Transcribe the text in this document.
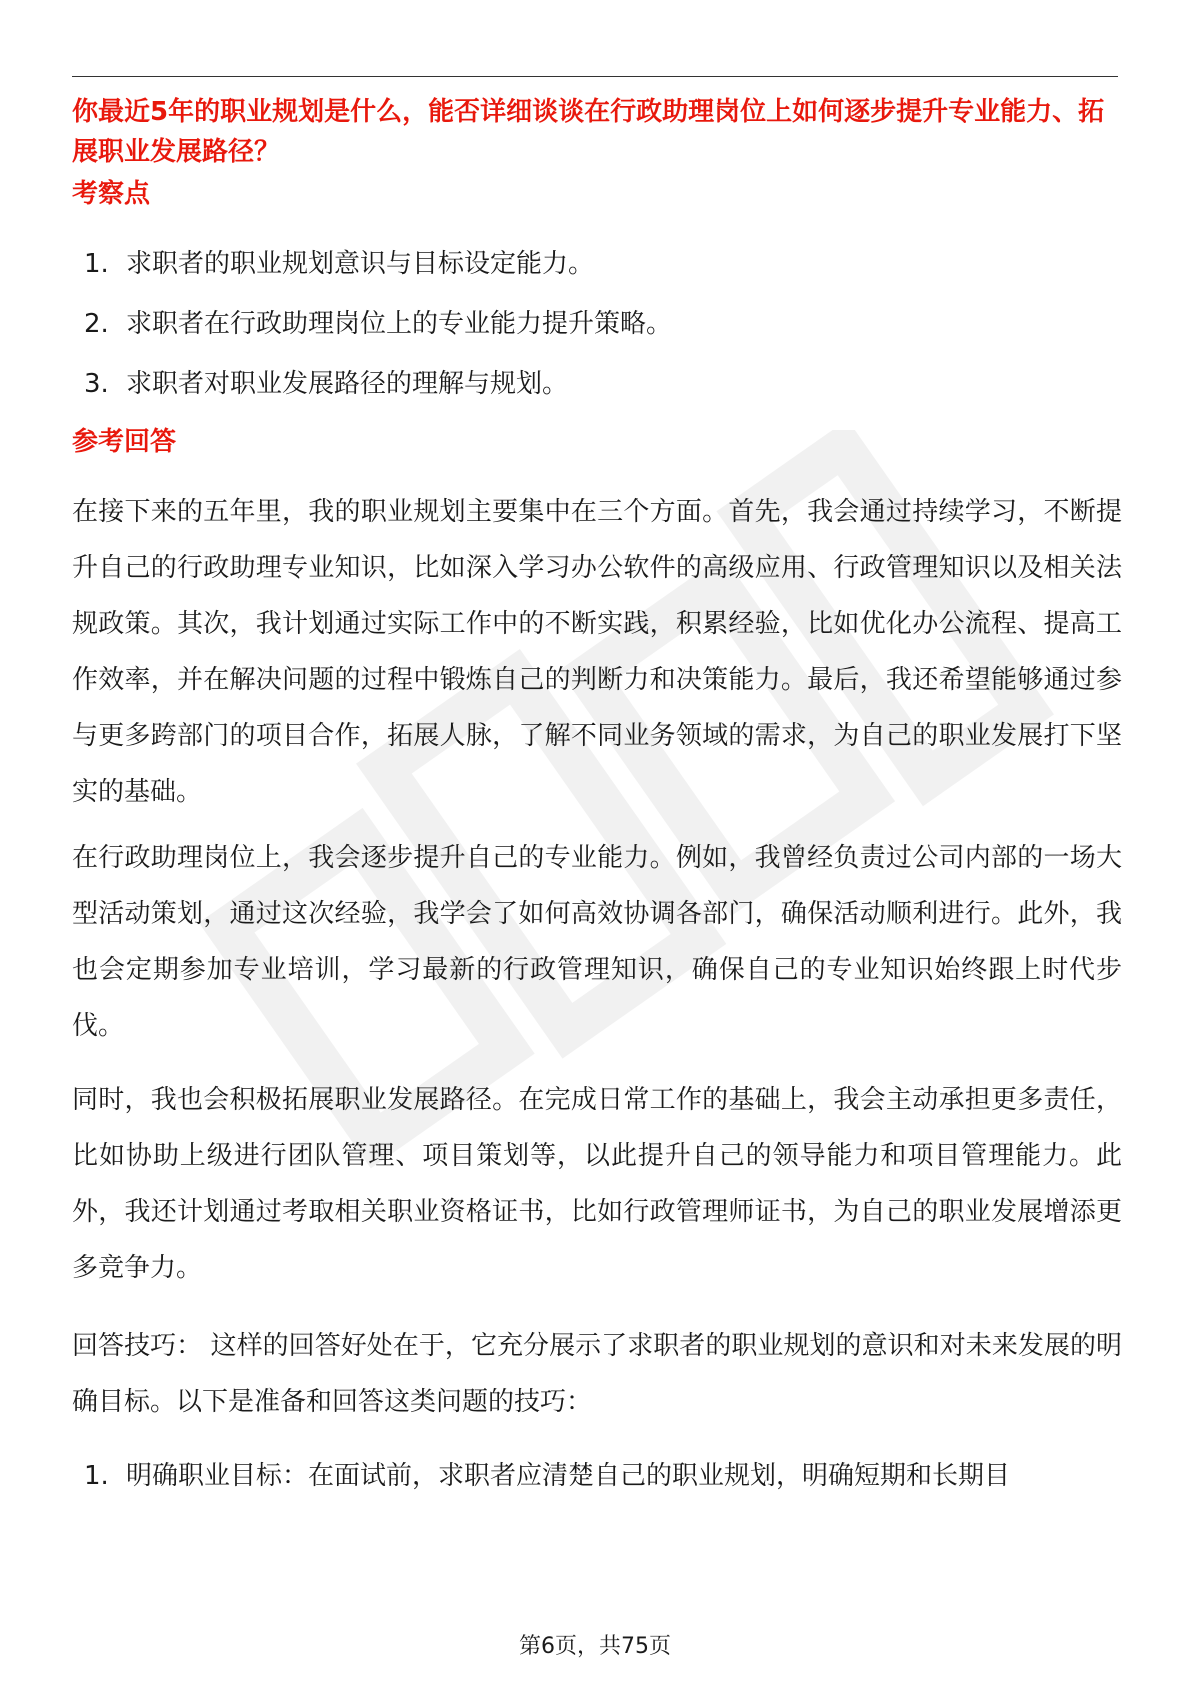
你最近5年的职业规划是什么，能否详细谈谈在行政助理岗位上如何逐步提升专业能力、拓展职业发展路径？

考察点
1. 求职者的职业规划意识与目标设定能力。
2. 求职者在行政助理岗位上的专业能力提升策略。
3. 求职者对职业发展路径的理解与规划。
参考回答

在接下来的五年里，我的职业规划主要集中在三个方面。首先，我会通过持续学习，不断提升自己的行政助理专业知识，比如深入学习办公软件的高级应用、行政管理知识以及相关法规政策。其次，我计划通过实际工作中的不断实践，积累经验，比如优化办公流程、提高工作效率，并在解决问题的过程中锻炼自己的判断力和决策能力。最后，我还希望能够通过参与更多跨部门的项目合作，拓展人脉，了解不同业务领域的需求，为自己的职业发展打下坚实的基础。

在行政助理岗位上，我会逐步提升自己的专业能力。例如，我曾经负责过公司内部的一场大型活动策划，通过这次经验，我学会了如何高效协调各部门，确保活动顺利进行。此外，我也会定期参加专业培训，学习最新的行政管理知识，确保自己的专业知识始终跟上时代步伐。

同时，我也会积极拓展职业发展路径。在完成日常工作的基础上，我会主动承担更多责任，比如协助上级进行团队管理、项目策划等，以此提升自己的领导能力和项目管理能力。此外，我还计划通过考取相关职业资格证书，比如行政管理师证书，为自己的职业发展增添更多竞争力。

回答技巧： 这样的回答好处在于，它充分展示了求职者的职业规划的意识和对未来发展的明确目标。以下是准备和回答这类问题的技巧：

1. 明确职业目标：在面试前，求职者应清楚自己的职业规划，明确短期和长期目
第6页，共75页
